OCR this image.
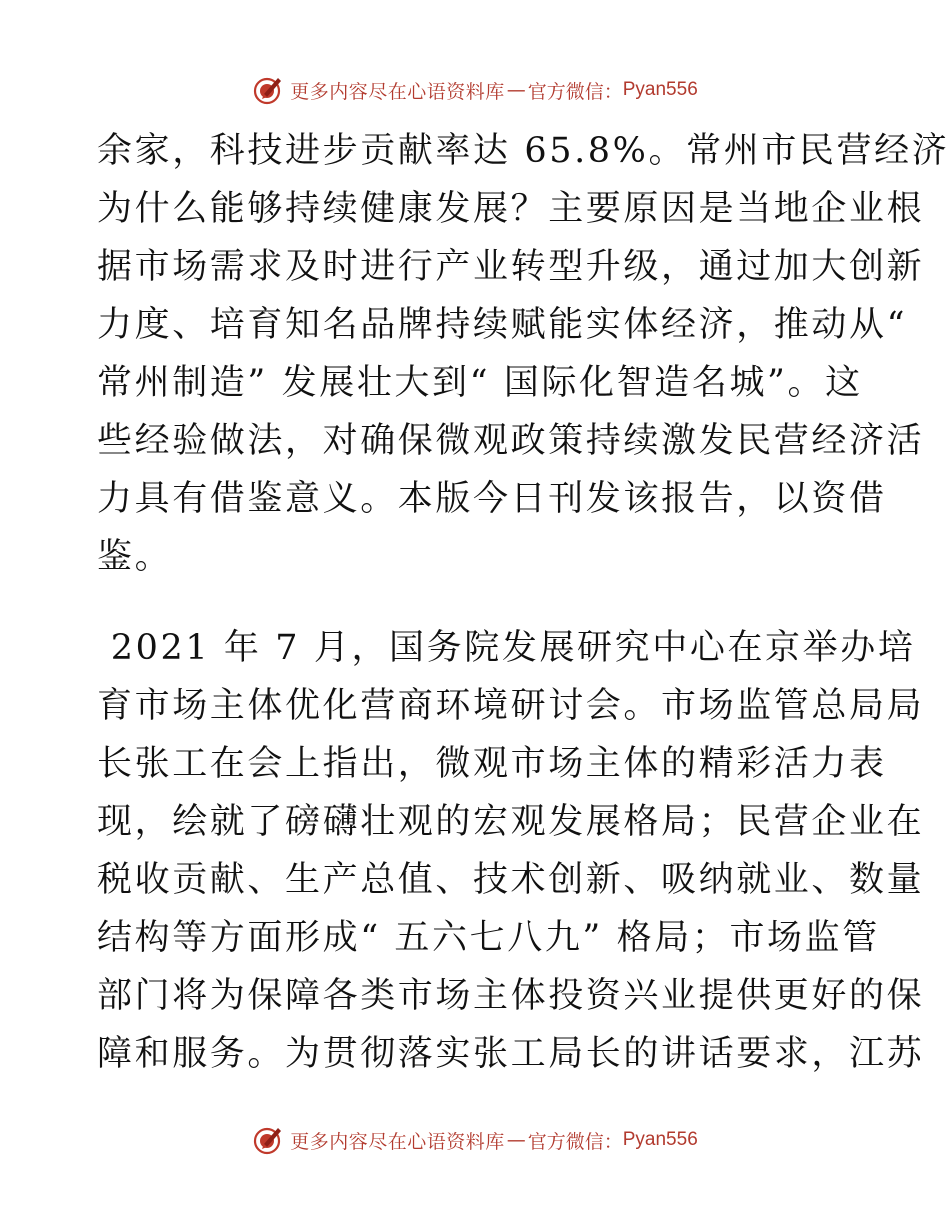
更多内容尽在心语资料库 — 官方微信： Pyan556
余家，科技进步贡献率达 65.8%。常州市民营经济
为什么能够持续健康发展？主要原因是当地企业根
据市场需求及时进行产业转型升级，通过加大创新
力度、培育知名品牌持续赋能实体经济，推动从“
常州制造” 发展壮大到“ 国际化智造名城”。这
些经验做法，对确保微观政策持续激发民营经济活
力具有借鉴意义。本版今日刊发该报告，以资借
鉴。
2021 年 7 月，国务院发展研究中心在京举办培
育市场主体优化营商环境研讨会。市场监管总局局
长张工在会上指出，微观市场主体的精彩活力表
现，绘就了磅礴壮观的宏观发展格局；民营企业在
税收贡献、生产总值、技术创新、吸纳就业、数量
结构等方面形成“ 五六七八九” 格局；市场监管
部门将为保障各类市场主体投资兴业提供更好的保
障和服务。为贯彻落实张工局长的讲话要求，江苏
更多内容尽在心语资料库 — 官方微信： Pyan556
